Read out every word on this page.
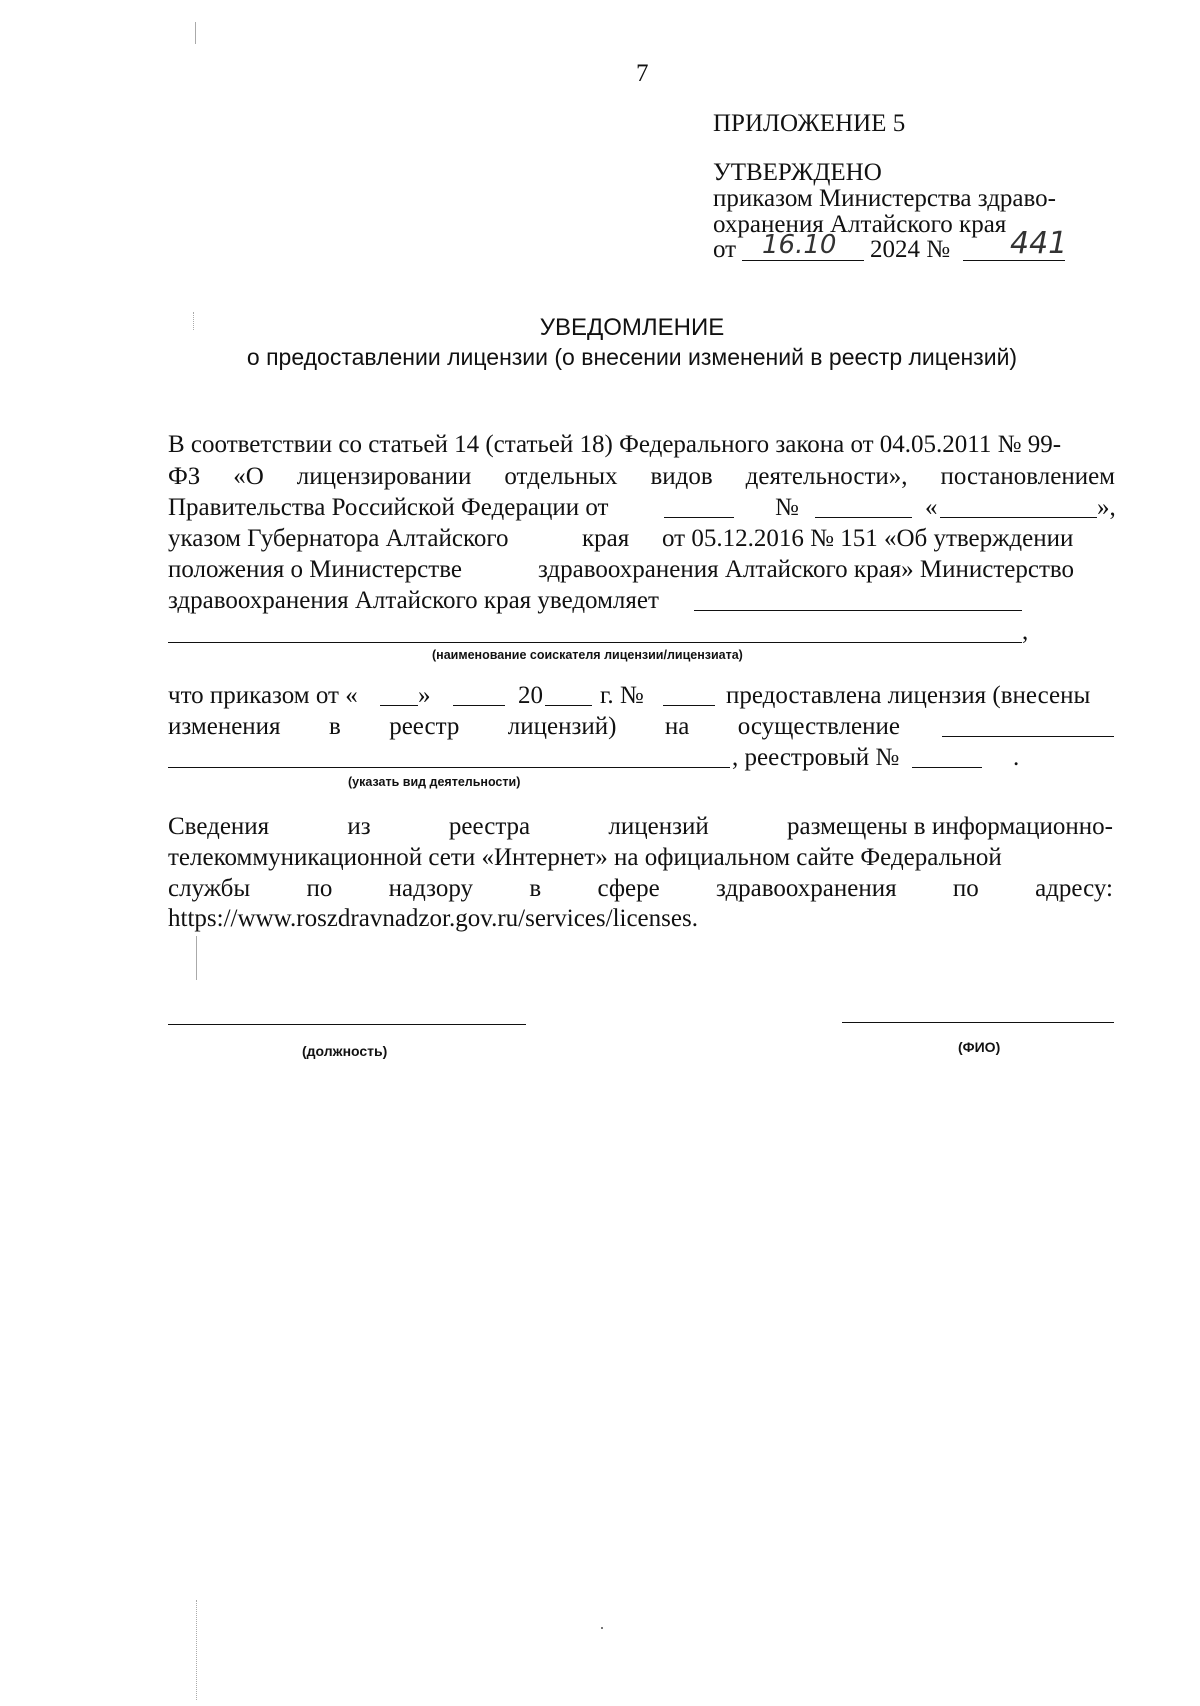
7
ПРИЛОЖЕНИЕ 5
УТВЕРЖДЕНО
приказом Министерства здраво-
охранения Алтайского края
от 16.10 2024 № 441
УВЕДОМЛЕНИЕ
о предоставлении лицензии (о внесении изменений в реестр лицензий)
В соответствии со статьей 14 (статьей 18) Федерального закона от 04.05.2011 № 99-
ФЗ «О лицензировании отдельных видов деятельности», постановлением
Правительства Российской Федерации от	№	«	»,
указом Губернатора Алтайского	края от 05.12.2016 № 151 «Об утверждении
положения о Министерстве	здравоохранения Алтайского края» Министерство
здравоохранения Алтайского края уведомляет
,
(наименование соискателя лицензии/лицензиата)
что приказом от « »	20 г. №	предоставлена лицензия (внесены
изменения в реестр лицензий) на осуществление
, реестровый №	.
(указать вид деятельности)
Сведения	из	реестра	лицензий	размещены в информационно-
телекоммуникационной сети «Интернет» на официальном сайте Федеральной
службы по надзору в сфере здравоохранения по адресу:
https://www.roszdravnadzor.gov.ru/services/licenses.
(должность)	(ФИО)
